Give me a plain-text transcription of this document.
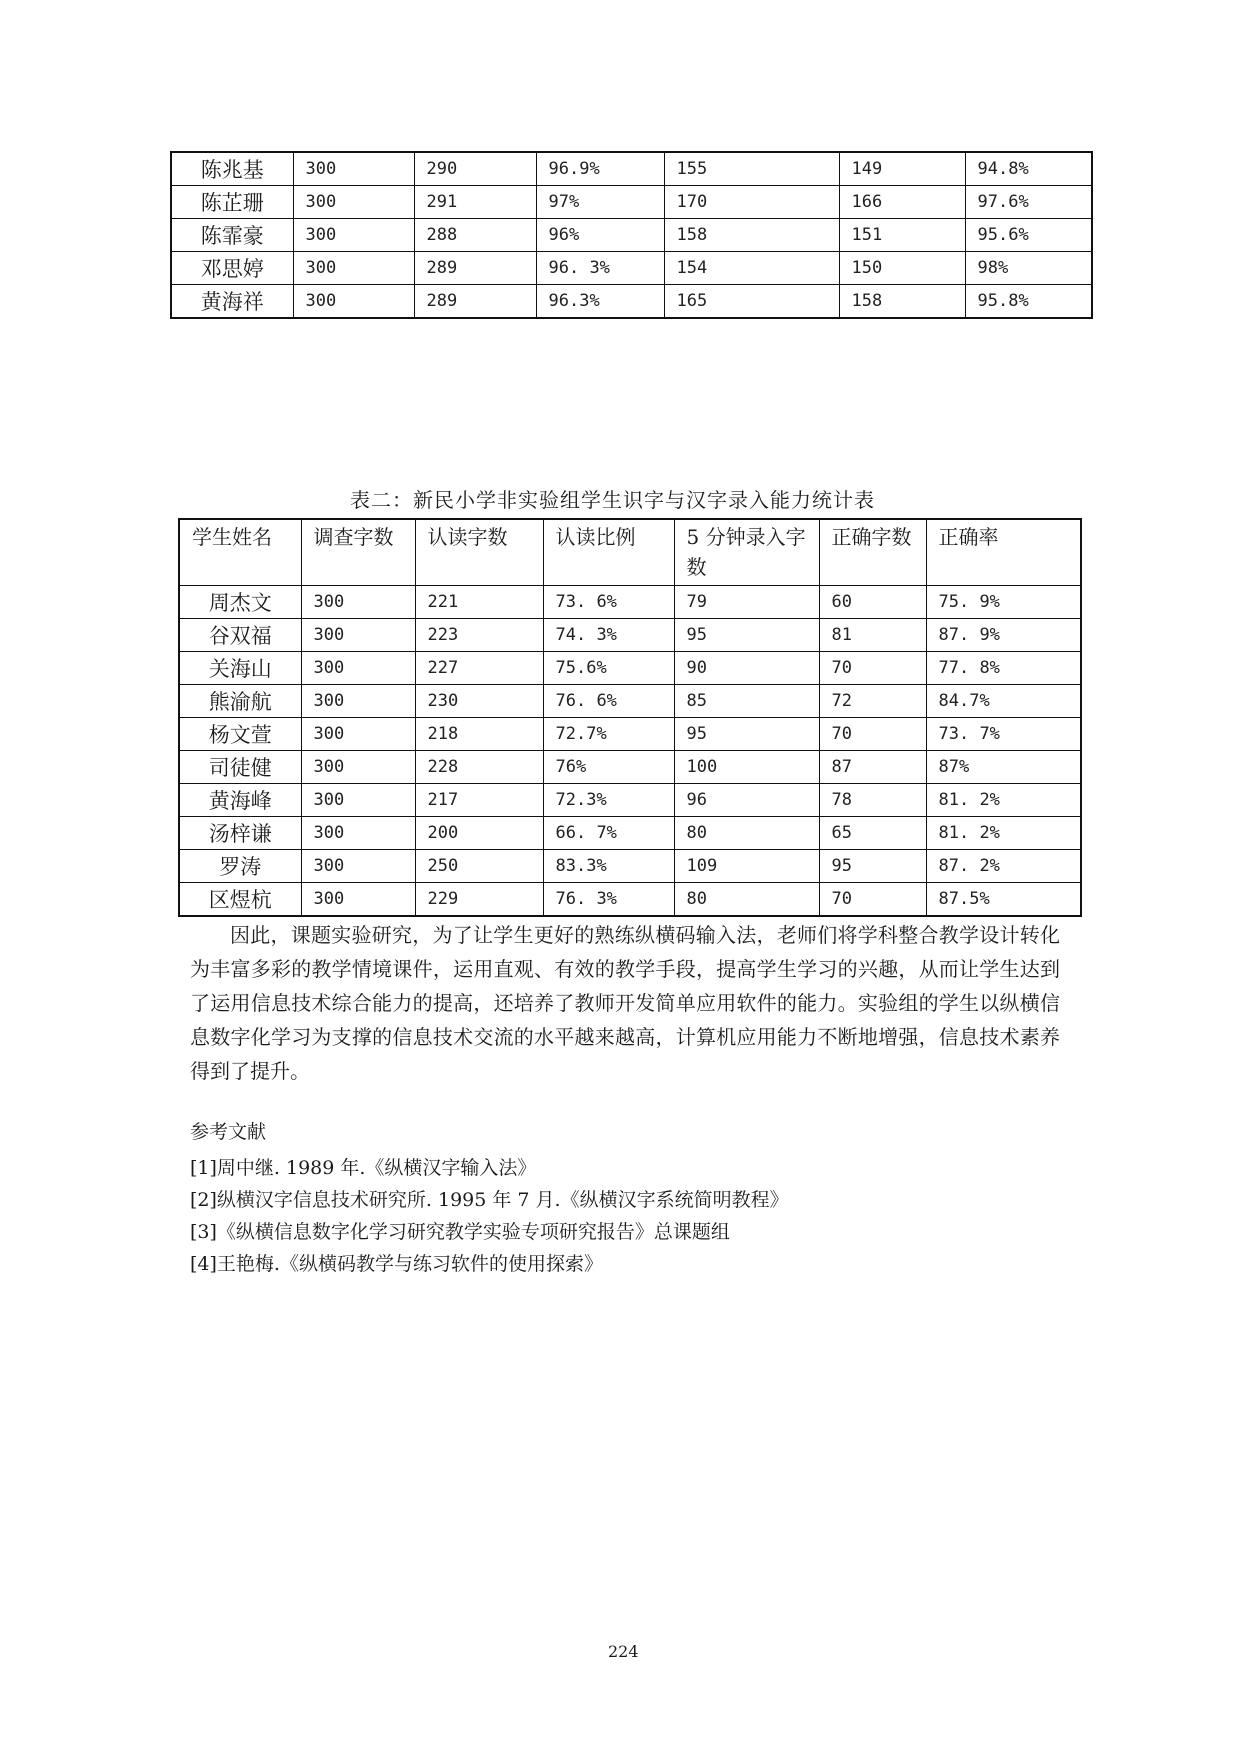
陈兆基	300	290	96.9%	155	149	94.8%
陈芷珊	300	291	97%	170	166	97.6%
陈霏豪	300	288	96%	158	151	95.6%
邓思婷	300	289	96. 3%	154	150	98%
黄海祥	300	289	96.3%	165	158	95.8%
表二：新民小学非实验组学生识字与汉字录入能力统计表
学生姓名	调查字数	认读字数	认读比例	5 分钟录入字数	正确字数	正确率
周杰文	300	221	73. 6%	79	60	75. 9%
谷双福	300	223	74. 3%	95	81	87. 9%
关海山	300	227	75.6%	90	70	77. 8%
熊渝航	300	230	76. 6%	85	72	84.7%
杨文萱	300	218	72.7%	95	70	73. 7%
司徒健	300	228	76%	100	87	87%
黄海峰	300	217	72.3%	96	78	81. 2%
汤梓谦	300	200	66. 7%	80	65	81. 2%
罗涛	300	250	83.3%	109	95	87. 2%
区煜杭	300	229	76. 3%	80	70	87.5%

因此，课题实验研究，为了让学生更好的熟练纵横码输入法，老师们将学科整合教学设计转化为丰富多彩的教学情境课件，运用直观、有效的教学手段，提高学生学习的兴趣，从而让学生达到了运用信息技术综合能力的提高，还培养了教师开发简单应用软件的能力。实验组的学生以纵横信息数字化学习为支撑的信息技术交流的水平越来越高，计算机应用能力不断地增强，信息技术素养得到了提升。

参考文献
[1]周中继. 1989 年.《纵横汉字输入法》
[2]纵横汉字信息技术研究所. 1995 年 7 月.《纵横汉字系统简明教程》
[3]《纵横信息数字化学习研究教学实验专项研究报告》总课题组
[4]王艳梅.《纵横码教学与练习软件的使用探索》
224
